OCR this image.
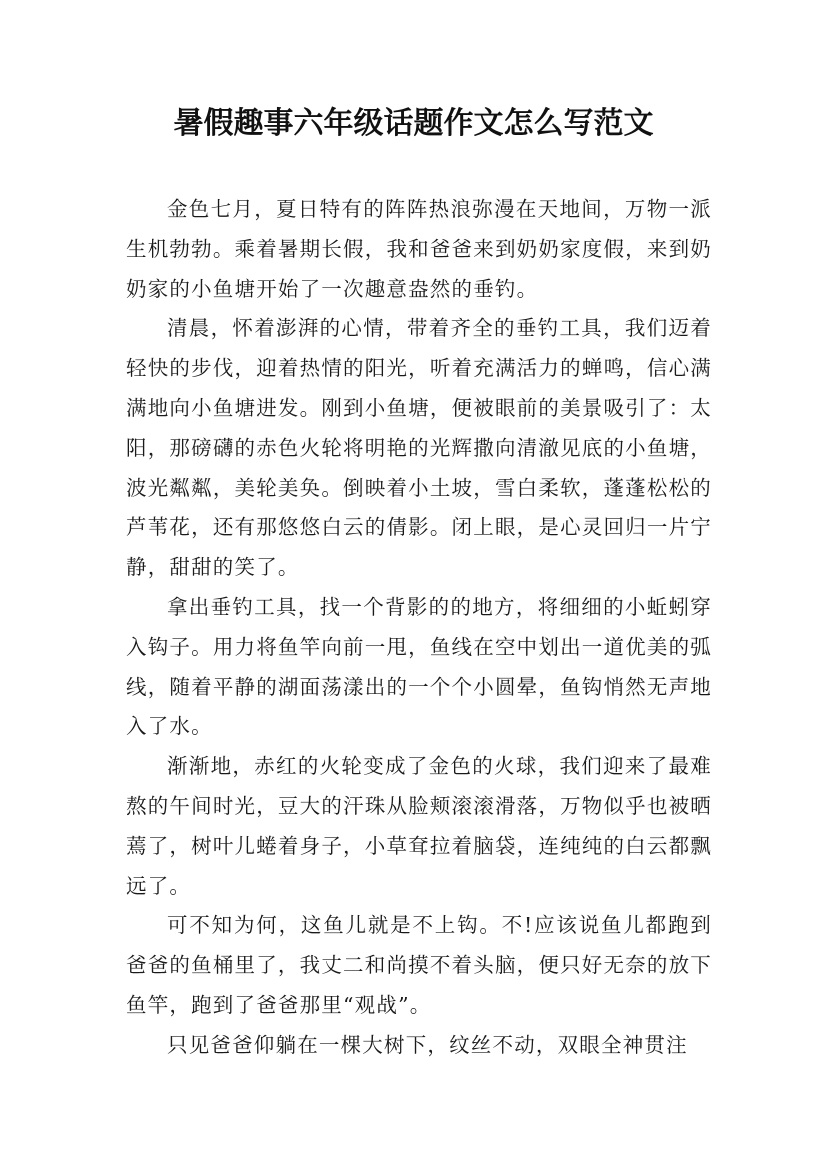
暑假趣事六年级话题作文怎么写范文

金色七月，夏日特有的阵阵热浪弥漫在天地间，万物一派生机勃勃。乘着暑期长假，我和爸爸来到奶奶家度假，来到奶奶家的小鱼塘开始了一次趣意盎然的垂钓。

清晨，怀着澎湃的心情，带着齐全的垂钓工具，我们迈着轻快的步伐，迎着热情的阳光，听着充满活力的蝉鸣，信心满满地向小鱼塘进发。刚到小鱼塘，便被眼前的美景吸引了：太阳，那磅礴的赤色火轮将明艳的光辉撒向清澈见底的小鱼塘，波光粼粼，美轮美奂。倒映着小土坡，雪白柔软，蓬蓬松松的芦苇花，还有那悠悠白云的倩影。闭上眼，是心灵回归一片宁静，甜甜的笑了。

拿出垂钓工具，找一个背影的的地方，将细细的小蚯蚓穿入钩子。用力将鱼竿向前一甩，鱼线在空中划出一道优美的弧线，随着平静的湖面荡漾出的一个个小圆晕，鱼钩悄然无声地入了水。

渐渐地，赤红的火轮变成了金色的火球，我们迎来了最难熬的午间时光，豆大的汗珠从脸颊滚滚滑落，万物似乎也被晒蔫了，树叶儿蜷着身子，小草耷拉着脑袋，连纯纯的白云都飘远了。

可不知为何，这鱼儿就是不上钩。不!应该说鱼儿都跑到爸爸的鱼桶里了，我丈二和尚摸不着头脑，便只好无奈的放下鱼竿，跑到了爸爸那里“观战”。

只见爸爸仰躺在一棵大树下，纹丝不动，双眼全神贯注
